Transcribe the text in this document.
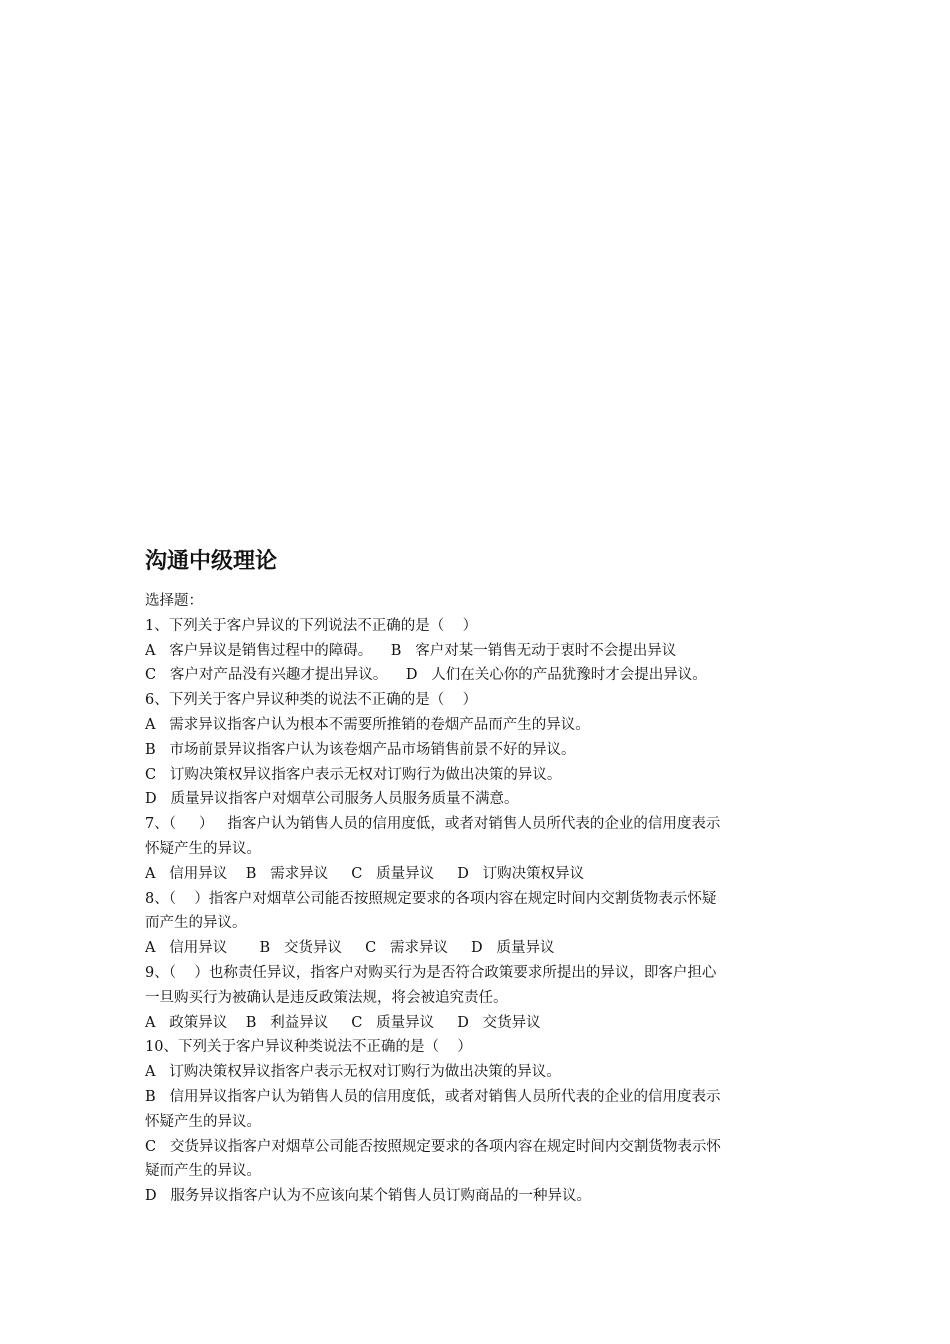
沟通中级理论
选择题：
1、下列关于客户异议的下列说法不正确的是（    ）
A   客户异议是销售过程中的障碍。    B   客户对某一销售无动于衷时不会提出异议
C   客户对产品没有兴趣才提出异议。    D   人们在关心你的产品犹豫时才会提出异议。
6、下列关于客户异议种类的说法不正确的是（    ）
A   需求异议指客户认为根本不需要所推销的卷烟产品而产生的异议。
B   市场前景异议指客户认为该卷烟产品市场销售前景不好的异议。
C   订购决策权异议指客户表示无权对订购行为做出决策的异议。
D   质量异议指客户对烟草公司服务人员服务质量不满意。
7、（     ）   指客户认为销售人员的信用度低，或者对销售人员所代表的企业的信用度表示
怀疑产生的异议。
A   信用异议    B   需求异议     C   质量异议     D   订购决策权异议
8、（    ）指客户对烟草公司能否按照规定要求的各项内容在规定时间内交割货物表示怀疑
而产生的异议。
A   信用异议       B   交货异议     C   需求异议     D   质量异议
9、（    ）也称责任异议，指客户对购买行为是否符合政策要求所提出的异议，即客户担心
一旦购买行为被确认是违反政策法规，将会被追究责任。
A   政策异议    B   利益异议     C   质量异议     D   交货异议
10、下列关于客户异议种类说法不正确的是（    ）
A   订购决策权异议指客户表示无权对订购行为做出决策的异议。
B   信用异议指客户认为销售人员的信用度低，或者对销售人员所代表的企业的信用度表示
怀疑产生的异议。
C   交货异议指客户对烟草公司能否按照规定要求的各项内容在规定时间内交割货物表示怀
疑而产生的异议。
D   服务异议指客户认为不应该向某个销售人员订购商品的一种异议。
